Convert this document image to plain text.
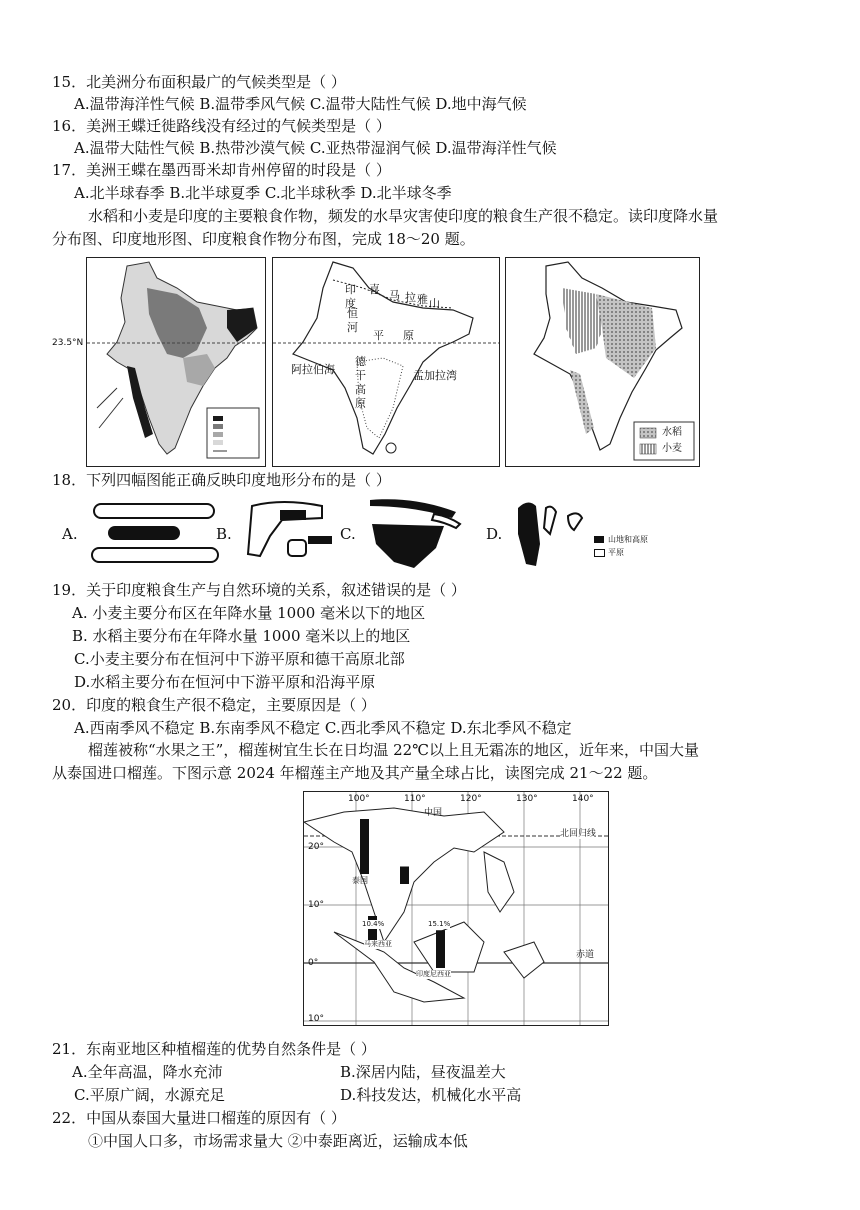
15．北美洲分布面积最广的气候类型是（ ）
A.温带海洋性气候 B.温带季风气候 C.温带大陆性气候 D.地中海气候
16．美洲王蝶迁徙路线没有经过的气候类型是（ ）
A.温带大陆性气候 B.热带沙漠气候 C.亚热带湿润气候 D.温带海洋性气候
17．美洲王蝶在墨西哥米却肯州停留的时段是（ ）
A.北半球春季 B.北半球夏季 C.北半球秋季 D.北半球冬季
水稻和小麦是印度的主要粮食作物，频发的水旱灾害使印度的粮食生产很不稳定。读印度降水量
分布图、印度地形图、印度粮食作物分布图，完成 18～20 题。
23.5°N
印
度
喜 马 拉 雅 山
恒
河
平 原
阿拉伯海
德
干
高
原
孟加拉湾
水稻
小麦
18．下列四幅图能正确反映印度地形分布的是（ ）
A.	B.	C.	D.	山地和高原
平原
19．关于印度粮食生产与自然环境的关系，叙述错误的是（ ）
A. 小麦主要分布区在年降水量 1000 毫米以下的地区
B. 水稻主要分布在年降水量 1000 毫米以上的地区
C.小麦主要分布在恒河中下游平原和德干高原北部
D.水稻主要分布在恒河中下游平原和沿海平原
20．印度的粮食生产很不稳定，主要原因是（ ）
A.西南季风不稳定 B.东南季风不稳定 C.西北季风不稳定 D.东北季风不稳定
榴莲被称“水果之王”，榴莲树宜生长在日均温 22℃以上且无霜冻的地区，近年来，中国大量
从泰国进口榴莲。下图示意 2024 年榴莲主产地及其产量全球占比，读图完成 21～22 题。
100°	110°	120°	130°	140°
20°
10°
0°
10°
中国
北回归线
赤道
泰国
马来西亚
印度尼西亚
10.4%	15.1%
21．东南亚地区种植榴莲的优势自然条件是（ ）
A.全年高温，降水充沛	B.深居内陆，昼夜温差大
C.平原广阔，水源充足	D.科技发达，机械化水平高
22．中国从泰国大量进口榴莲的原因有（ ）
①中国人口多，市场需求量大 ②中泰距离近，运输成本低
